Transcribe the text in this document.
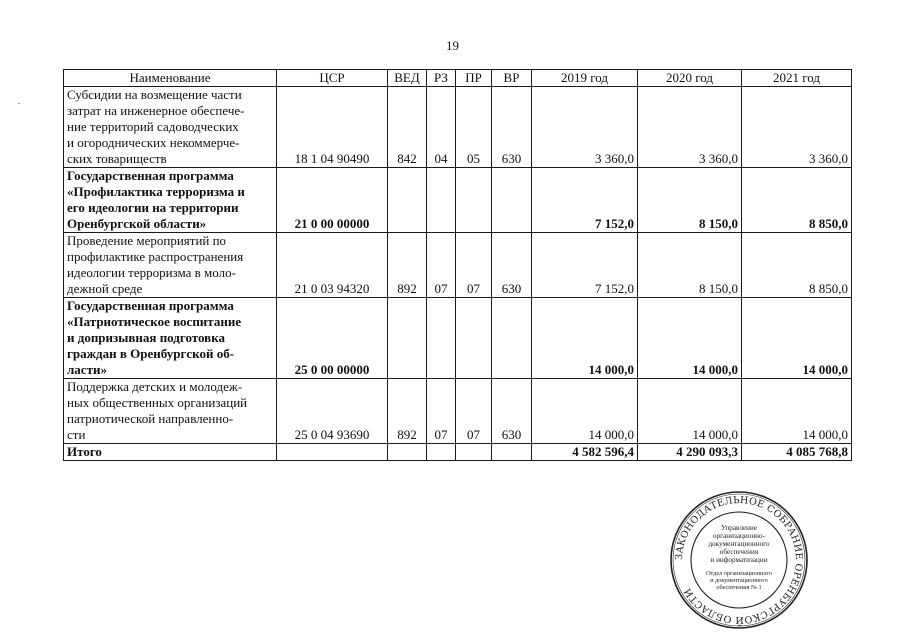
19
Наименование	ЦСР	ВЕД	РЗ	ПР	ВР	2019 год	2020 год	2021 год

Субсидии на возмещение части
затрат на инженерное обеспече-
ние территорий садоводческих
и огороднических некоммерче-
ских товариществ	18 1 04 90490	842	04	05	630	3 360,0	3 360,0	3 360,0

Государственная программа
«Профилактика терроризма и
его идеологии на территории
Оренбургской области»	21 0 00 00000					7 152,0	8 150,0	8 850,0

Проведение мероприятий по
профилактике распространения
идеологии терроризма в моло-
дежной среде	21 0 03 94320	892	07	07	630	7 152,0	8 150,0	8 850,0

Государственная программа
«Патриотическое воспитание
и допризывная подготовка
граждан в Оренбургской об-
ласти»	25 0 00 00000					14 000,0	14 000,0	14 000,0

Поддержка детских и молодеж-
ных общественных организаций
патриотической направленно-
сти	25 0 04 93690	892	07	07	630	14 000,0	14 000,0	14 000,0
Итого						4 582 596,4	4 290 093,3	4 085 768,8
ЗАКОНОДАТЕЛЬНОЕ СОБРАНИЕ ОРЕНБУРГСКОЙ ОБЛАСТИ
Управление
организационно-
документационного
обеспечения
и информатизации
Отдел организационного
и документационного
обеспечения № 1
